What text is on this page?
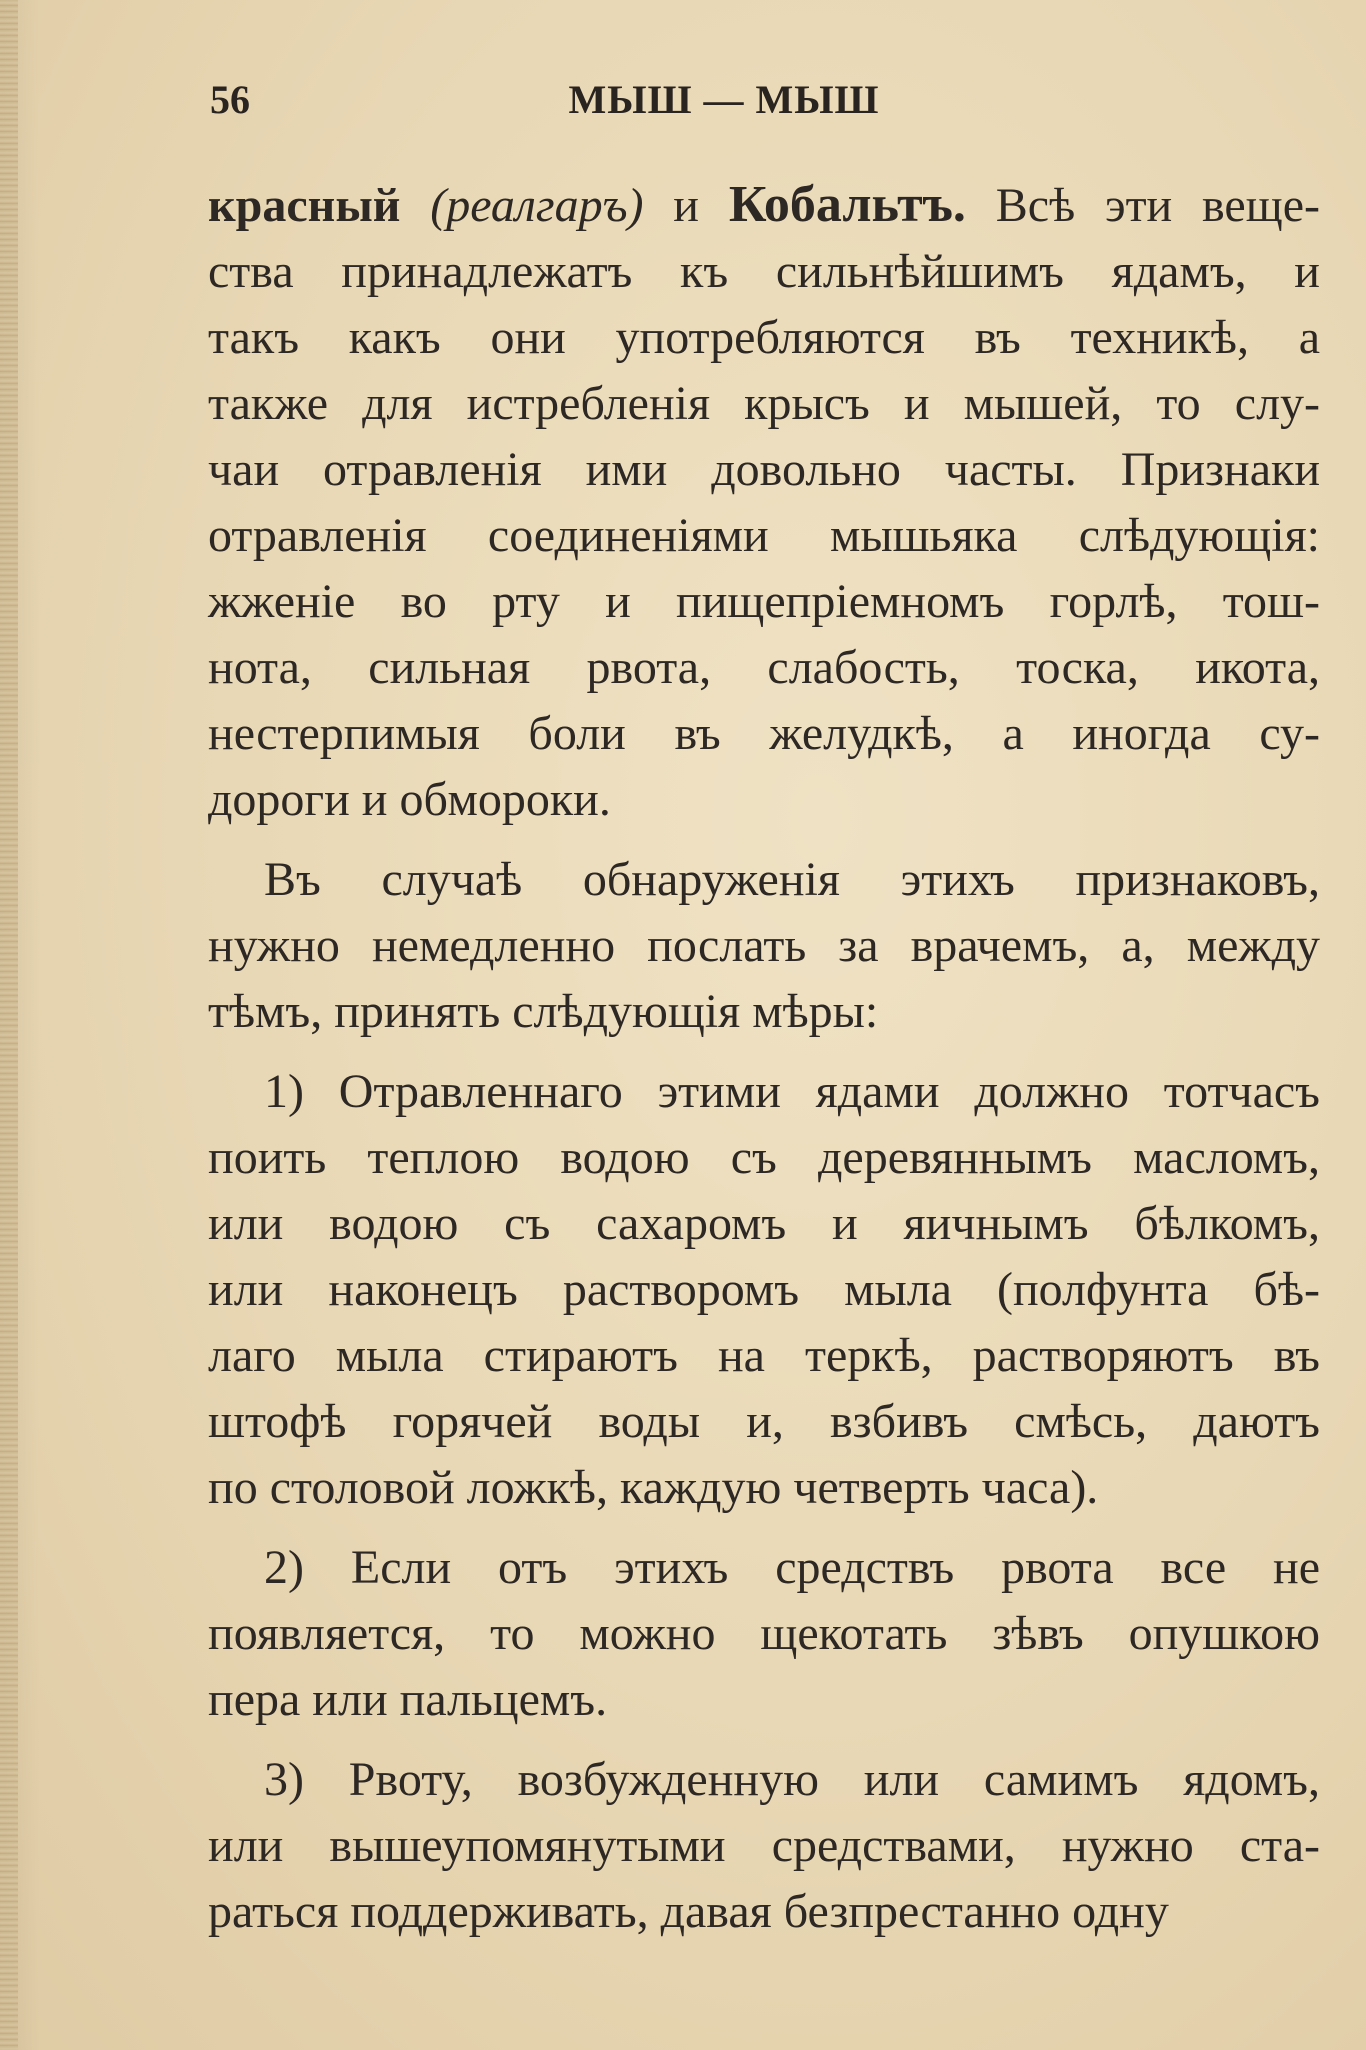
56	МЫШ — МЫШ
красный (реалгаръ) и Кобальтъ. Всѣ эти веще-
ства принадлежатъ къ сильнѣйшимъ ядамъ, и
такъ какъ они употребляются въ техникѣ, а
также для истребленія крысъ и мышей, то слу-
чаи отравленія ими довольно часты. Признаки
отравленія соединеніями мышьяка слѣдующія:
жженіе во рту и пищепріемномъ горлѣ, тош-
нота, сильная рвота, слабость, тоска, икота,
нестерпимыя боли въ желудкѣ, а иногда су-
дороги и обмороки.
Въ случаѣ обнаруженія этихъ признаковъ,
нужно немедленно послать за врачемъ, а, между
тѣмъ, принять слѣдующія мѣры:
1) Отравленнаго этими ядами должно тотчасъ
поить теплою водою съ деревяннымъ масломъ,
или водою съ сахаромъ и яичнымъ бѣлкомъ,
или наконецъ растворомъ мыла (полфунта бѣ-
лаго мыла стираютъ на теркѣ, растворяютъ въ
штофѣ горячей воды и, взбивъ смѣсь, даютъ
по столовой ложкѣ, каждую четверть часа).
2) Если отъ этихъ средствъ рвота все не
появляется, то можно щекотать зѣвъ опушкою
пера или пальцемъ.
3) Рвоту, возбужденную или самимъ ядомъ,
или вышеупомянутыми средствами, нужно ста-
раться поддерживать, давая безпрестанно одну
